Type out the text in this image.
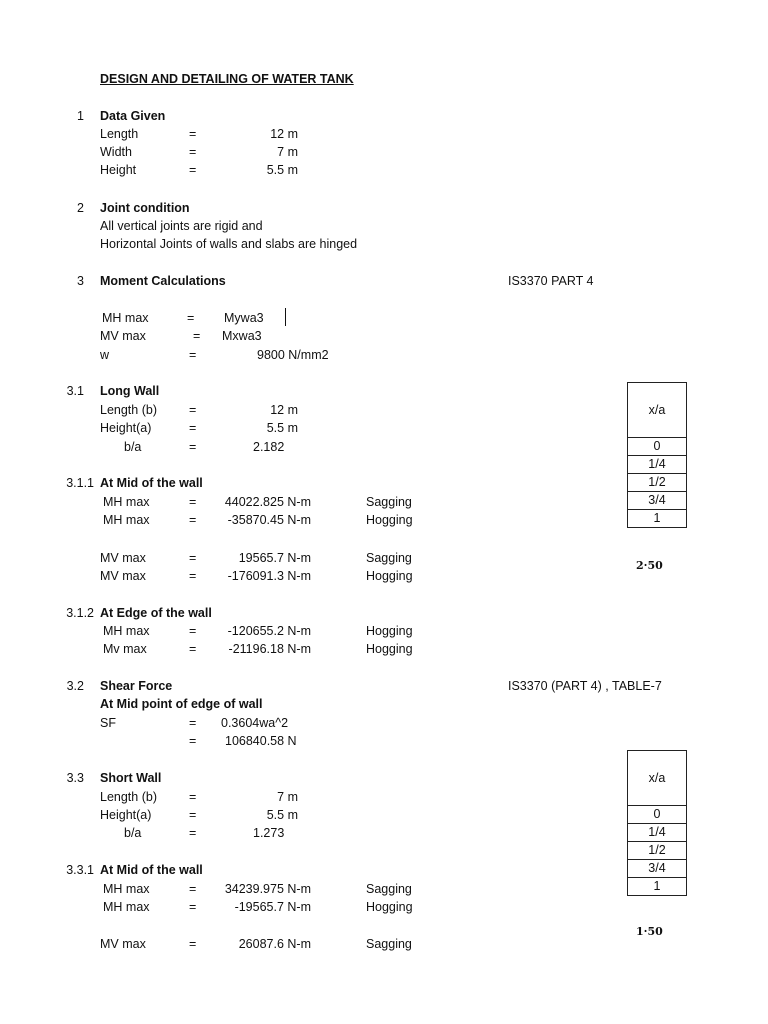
DESIGN AND DETAILING OF WATER TANK
1 Data Given
Length	=	12 m
Width	=	7 m
Height	=	5.5 m
2 Joint condition
All vertical joints are rigid and
Horizontal Joints of walls and slabs are hinged
3 Moment Calculations	IS3370 PART 4
MH max	= Mywa3
MV max	= Mxwa3
w	=	9800 N/mm2
3.1 Long Wall
Length (b)	=	12 m
Height(a)	=	5.5 m
b/a	=	2.182
3.1.1 At Mid of the wall
MH max	=	44022.825 N-m	Sagging
MH max	=	-35870.45 N-m	Hogging
MV max	=	19565.7 N-m	Sagging
MV max	=	-176091.3 N-m	Hogging
3.1.2 At Edge of the wall
MH max	=	-120655.2 N-m	Hogging
Mv max	=	-21196.18 N-m	Hogging
3.2 Shear Force	IS3370 (PART 4) , TABLE-7
At Mid point of edge of wall
SF	= 0.3604wa^2
= 106840.58 N
3.3 Short Wall
Length (b)	=	7 m
Height(a)	=	5.5 m
b/a	=	1.273
3.3.1 At Mid of the wall
MH max	=	34239.975 N-m	Sagging
MH max	=	-19565.7 N-m	Hogging
MV max	=	26087.6 N-m	Sagging
x/a
0
1/4
1/2
3/4
1
2·50
x/a
0
1/4
1/2
3/4
1
1·50
